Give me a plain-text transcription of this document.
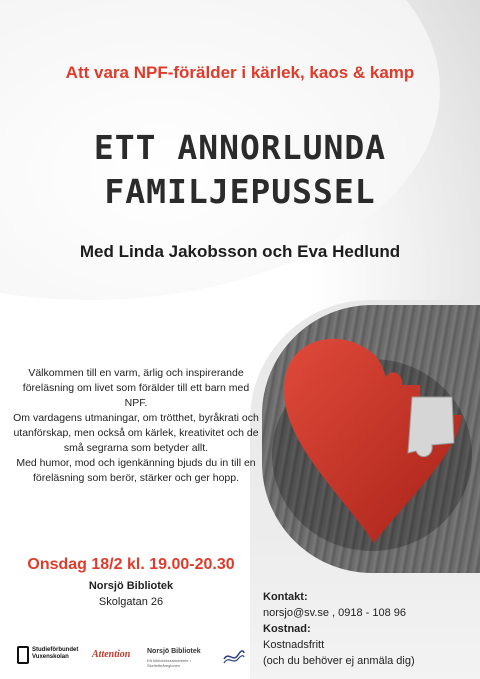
Att vara NPF-förälder i kärlek, kaos & kamp
ETT ANNORLUNDA
FAMILJEPUSSEL
Med Linda Jakobsson och Eva Hedlund

Välkommen till en varm, ärlig och inspirerande föreläsning om livet som förälder till ett barn med NPF.

Om vardagens utmaningar, om trötthet, byråkrati och utanförskap, men också om kärlek, kreativitet och de små segrarna som betyder allt.

Med humor, mod och igenkänning bjuds du in till en föreläsning som berör, stärker och ger hopp.

Onsdag 18/2 kl. 19.00-20.30
Norsjö Bibliotek
Skolgatan 26	Kontakt:
norsjo@sv.se , 0918 - 108 96
Kostnad:
Kostnadsfritt
(och du behöver ej anmäla dig)
Studieförbundet
Vuxenskolan	Attention Norsjö Bibliotek
Ett bibliotekssamarbete i Skellefteåregionen
